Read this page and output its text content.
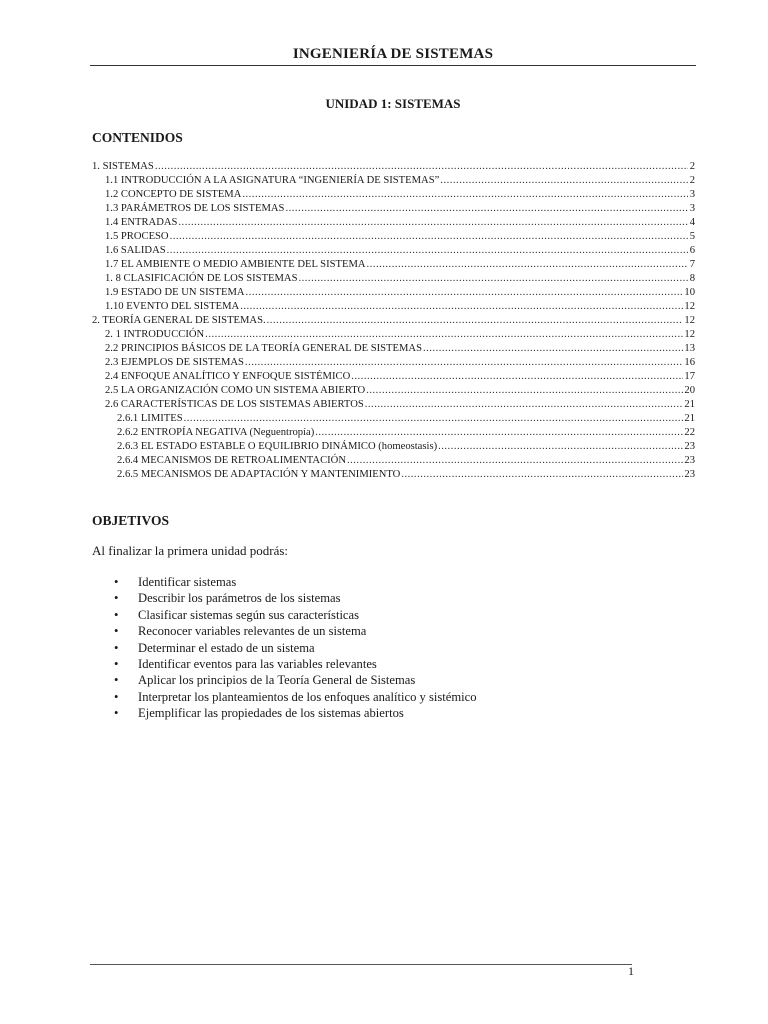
INGENIERÍA DE SISTEMAS
UNIDAD 1: SISTEMAS
CONTENIDOS
1. SISTEMAS .....	2
1.1 INTRODUCCIÓN A LA ASIGNATURA “INGENIERÍA DE SISTEMAS” .....	2
1.2 CONCEPTO DE SISTEMA .....	3
1.3 PARÁMETROS DE LOS SISTEMAS .....	3
1.4 ENTRADAS .....	4
1.5 PROCESO .....	5
1.6 SALIDAS .....	6
1.7 EL AMBIENTE O MEDIO AMBIENTE DEL SISTEMA .....	7
1. 8 CLASIFICACIÓN DE LOS SISTEMAS .....	8
1.9 ESTADO DE UN SISTEMA .....	10
1.10 EVENTO DEL SISTEMA .....	12
2. TEORÍA GENERAL DE SISTEMAS. .....	12
2. 1 INTRODUCCIÓN .....	12
2.2 PRINCIPIOS BÁSICOS DE LA TEORÍA GENERAL DE SISTEMAS .....	13
2.3 EJEMPLOS DE SISTEMAS .....	16
2.4 ENFOQUE ANALÍTICO Y ENFOQUE SISTÉMICO .....	17
2.5 LA ORGANIZACIÓN COMO UN SISTEMA ABIERTO .....	20
2.6 CARACTERÍSTICAS DE LOS SISTEMAS ABIERTOS .....	21
2.6.1 LIMITES .....	21
2.6.2 ENTROPÍA NEGATIVA (Neguentropía) .....	22
2.6.3 EL ESTADO ESTABLE O EQUILIBRIO DINÁMICO (homeostasis) .....	23
2.6.4 MECANISMOS DE RETROALIMENTACIÓN .....	23
2.6.5 MECANISMOS DE ADAPTACIÓN Y MANTENIMIENTO .....	23
OBJETIVOS
Al finalizar la primera unidad podrás:
• Identificar sistemas
• Describir los parámetros de los sistemas
• Clasificar sistemas según sus características
• Reconocer variables relevantes de un sistema
• Determinar el estado de un sistema
• Identificar eventos para las variables relevantes
• Aplicar los principios de la Teoría General de Sistemas
• Interpretar los planteamientos de los enfoques analítico y sistémico
• Ejemplificar las propiedades de los sistemas abiertos
1
